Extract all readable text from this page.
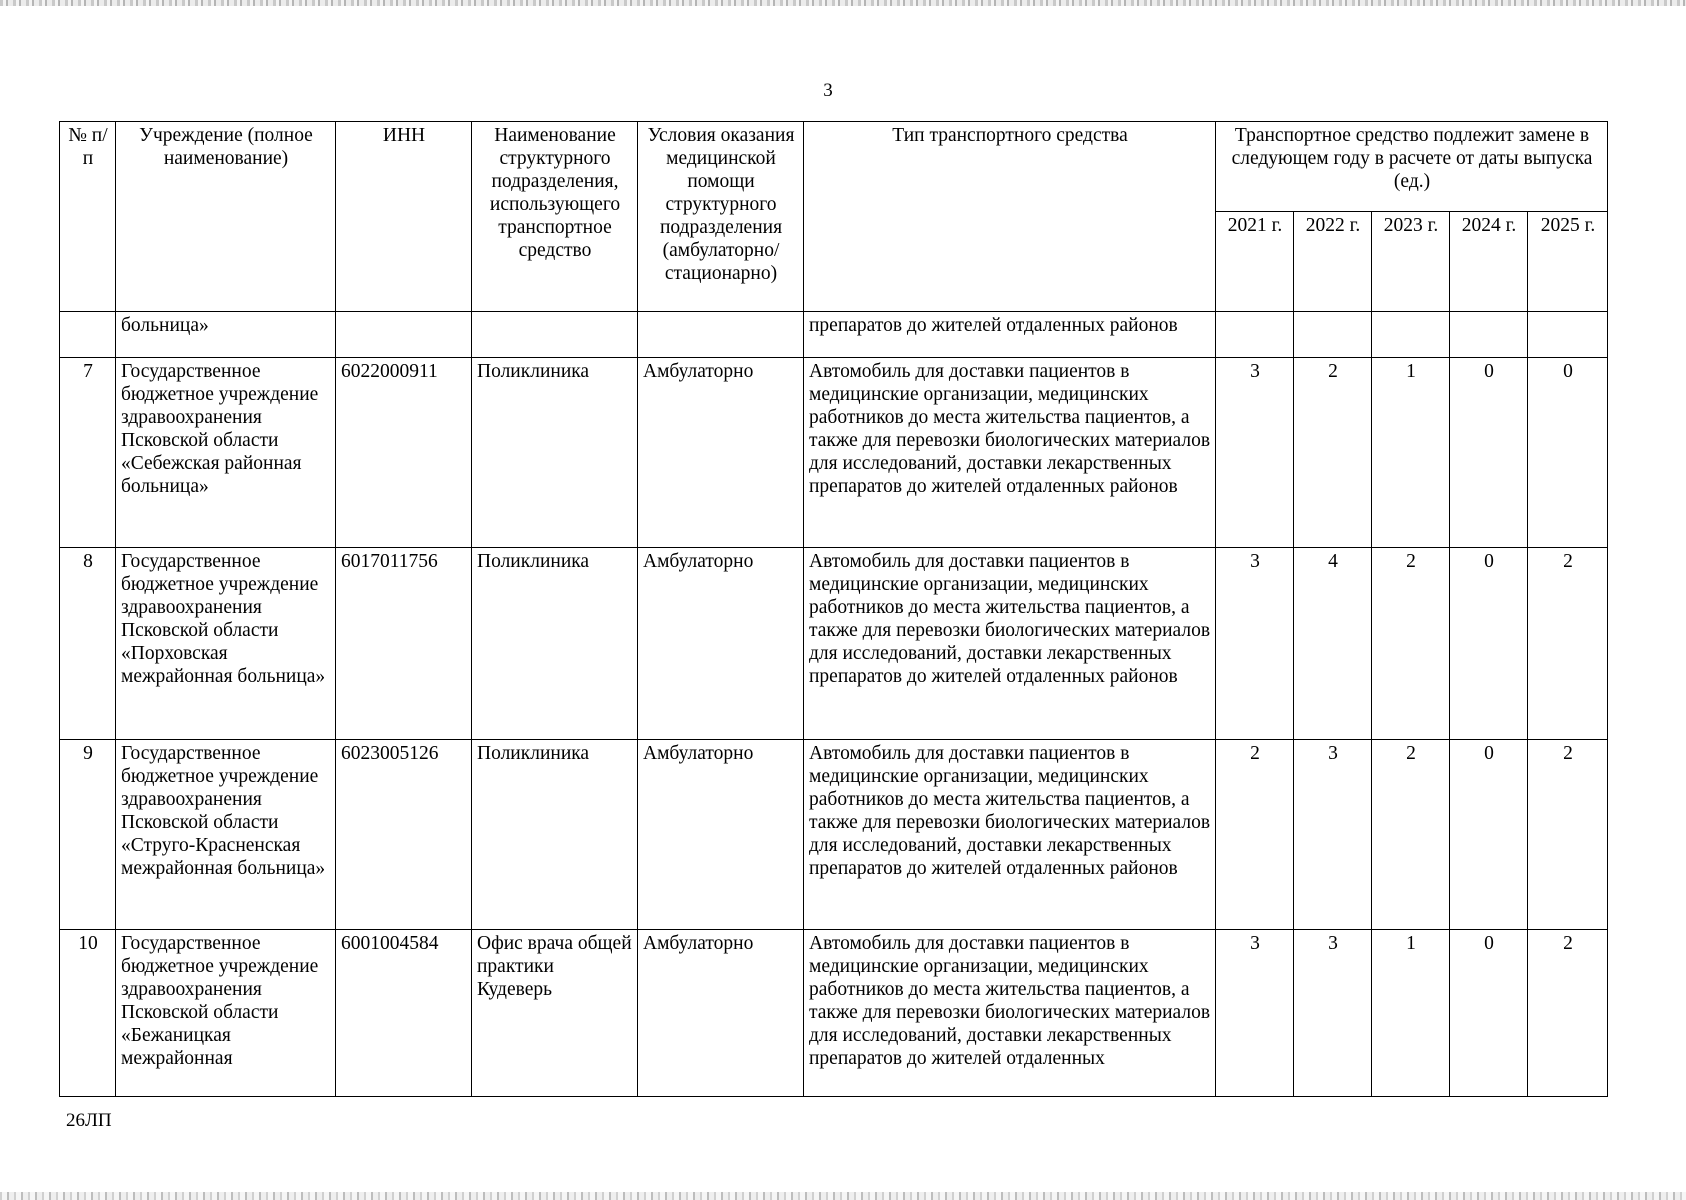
3
№ п/п	Учреждение (полное наименование)	ИНН	Наименование структурного подразделения, использующего транспортное средство	Условия оказания медицинской помощи структурного подразделения (амбулаторно/ стационарно)	Тип транспортного средства	Транспортное средство подлежит замене в следующем году в расчете от даты выпуска (ед.)				
						2021 г.	2022 г.	2023 г.	2024 г.	2025 г.
	больница»				препаратов до жителей отдаленных районов					
7	Государственное бюджетное учреждение здравоохранения Псковской области «Себежская районная больница»	6022000911	Поликлиника	Амбулаторно	Автомобиль для доставки пациентов в медицинские организации, медицинских работников до места жительства пациентов, а также для перевозки биологических материалов для исследований, доставки лекарственных препаратов до жителей отдаленных районов	3	2	1	0	0
8	Государственное бюджетное учреждение здравоохранения Псковской области «Порховская межрайонная больница»	6017011756	Поликлиника	Амбулаторно	Автомобиль для доставки пациентов в медицинские организации, медицинских работников до места жительства пациентов, а также для перевозки биологических материалов для исследований, доставки лекарственных препаратов до жителей отдаленных районов	3	4	2	0	2
9	Государственное бюджетное учреждение здравоохранения Псковской области «Струго-Красненская межрайонная больница»	6023005126	Поликлиника	Амбулаторно	Автомобиль для доставки пациентов в медицинские организации, медицинских работников до места жительства пациентов, а также для перевозки биологических материалов для исследований, доставки лекарственных препаратов до жителей отдаленных районов	2	3	2	0	2
10	Государственное бюджетное учреждение здравоохранения Псковской области «Бежаницкая межрайонная	6001004584	Офис врача общей практики Кудеверь	Амбулаторно	Автомобиль для доставки пациентов в медицинские организации, медицинских работников до места жительства пациентов, а также для перевозки биологических материалов для исследований, доставки лекарственных препаратов до жителей отдаленных	3	3	1	0	2
26ЛП
